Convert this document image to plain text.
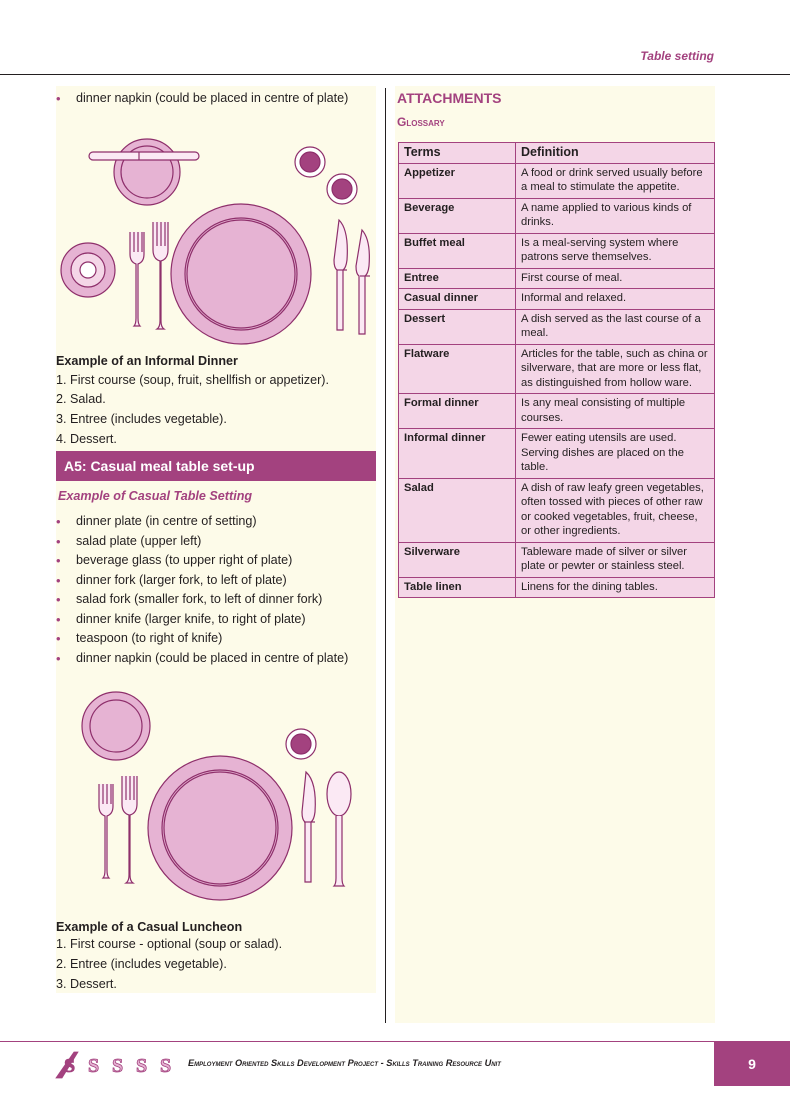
Table setting
•	dinner napkin (could be placed in centre of plate)
Example of an Informal Dinner
1. First course (soup, fruit, shellfish or appetizer).
2. Salad.
3. Entree (includes vegetable).
4. Dessert.
A5: Casual meal table set-up
Example of Casual Table Setting
•	dinner plate (in centre of setting)
•	salad plate (upper left)
•	beverage glass (to upper right of plate)
•	dinner fork (larger fork, to left of plate)
•	salad fork (smaller fork, to left of dinner fork)
•	dinner knife (larger knife, to right of plate)
•	teaspoon (to right of knife)
•	dinner napkin (could be placed in centre of plate)
Example of a Casual Luncheon
1. First course - optional (soup or salad).
2. Entree (includes vegetable).
3. Dessert.
ATTACHMENTS
Glossary
Terms	Definition
Appetizer	A food or drink served usually before a meal to stimulate the appetite.
Beverage	A name applied to various kinds of drinks.
Buffet meal	Is a meal-serving system where patrons serve themselves.
Entree	First course of meal.
Casual dinner	Informal and relaxed.
Dessert	A dish served as the last course of a meal.
Flatware	Articles for the table, such as china or silverware, that are more or less flat, as distinguished from hollow ware.
Formal dinner	Is any meal consisting of multiple courses.
Informal dinner	Fewer eating utensils are used. Serving dishes are placed on the table.
Salad	A dish of raw leafy green vegetables, often tossed with pieces of other raw or cooked vegetables, fruit, cheese, or other ingredients.
Silverware	Tableware made of silver or silver plate or pewter or stainless steel.
Table linen	Linens for the dining tables.
S S S S S Employment Oriented Skills Development Project - Skills Training Resource Unit	9
